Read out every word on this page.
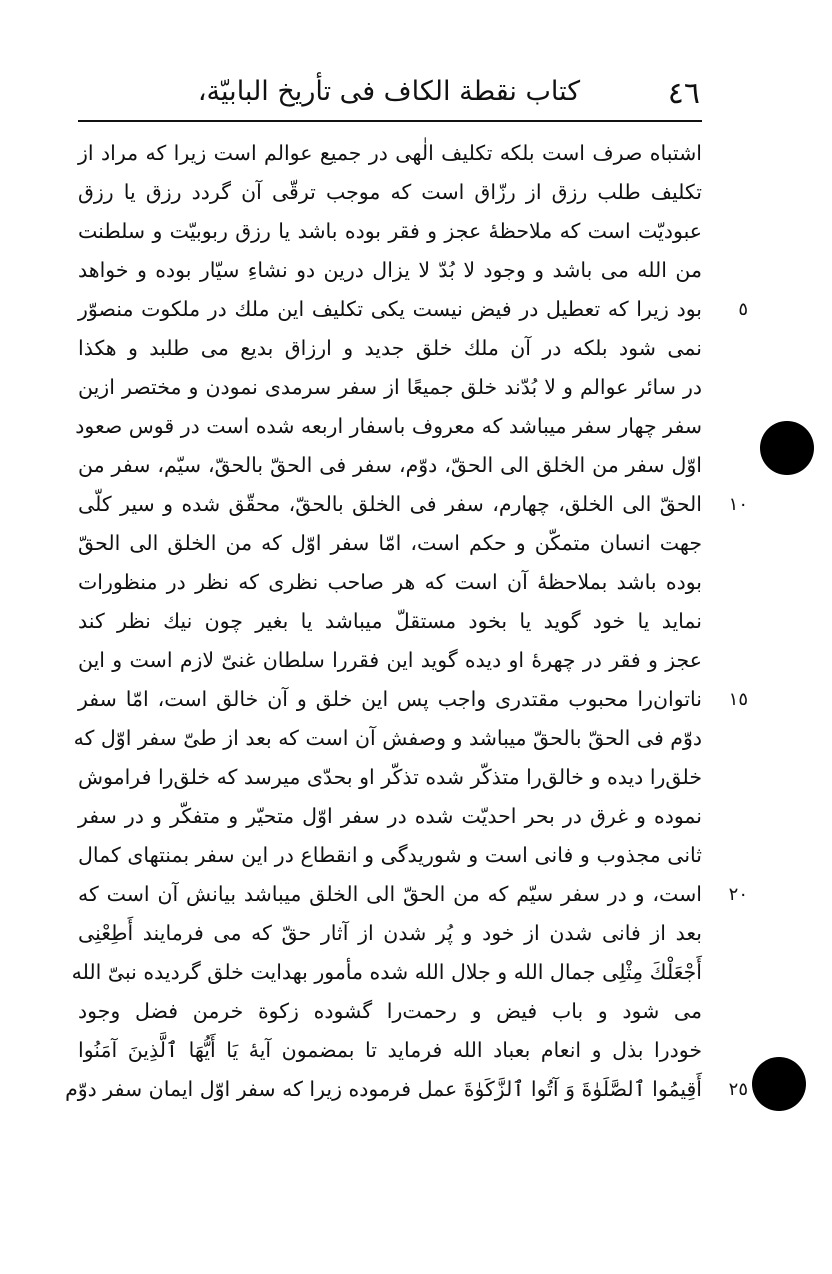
٤٦
كتاب نقطة الكاف فى تأريخ البابيّة،
اشتباه صرف است بلكه تكليف الٰهى در جميع عوالم است زيرا كه مراد از
تكليف طلب رزق از رزّاق است كه موجب ترقّى آن گردد رزق يا رزق
عبوديّت است كه ملاحظهٔ عجز و فقر بوده باشد يا رزق ربوبيّت و سلطنت
من الله مى باشد و وجود لا بُدّ لا يزال درين دو نشاءِ سيّار بوده و خواهد
بود زيرا كه تعطيل در فيض نيست يكى تكليف اين ملك در ملكوت منصوّر	٥
نمى شود بلكه در آن ملك خلق جديد و ارزاق بديع مى طلبد و هكذا
در سائر عوالم و لا بُدّند خلق جميعًا از سفر سرمدى نمودن و مختصر ازين
سفر چهار سفر ميباشد كه معروف باسفار اربعه شده است در قوس صعود
اوّل سفر من الخلق الى الحقّ، دوّم، سفر فى الحقّ بالحقّ، سيّم، سفر من
الحقّ الى الخلق، چهارم، سفر فى الخلق بالحقّ، محقّق شده و سير كلّى	١٠
جهت انسان متمكّن و حكم است، امّا سفر اوّل كه من الخلق الى الحقّ
بوده باشد بملاحظهٔ آن است كه هر صاحب نظرى كه نظر در منظورات
نمايد يا خود گويد يا بخود مستقلّ ميباشد يا بغير چون نيك نظر كند
عجز و فقر در چهرهٔ او ديده گويد اين فقررا سلطان غنىّ لازم است و اين
ناتوان‌را محبوب مقتدرى واجب پس اين خلق و آن خالق است، امّا سفر	١٥
دوّم فى الحقّ بالحقّ ميباشد و وصفش آن است كه بعد از طىّ سفر اوّل كه
خلق‌را ديده و خالق‌را متذكّر شده تذكّر او بحدّى ميرسد كه خلق‌را فراموش
نموده و غرق در بحر احديّت شده در سفر اوّل متحيّر و متفكّر و در سفر
ثانى مجذوب و فانى است و شوريدگى و انقطاع در اين سفر بمنتهاى كمال
است، و در سفر سيّم كه من الحقّ الى الخلق ميباشد بيانش آن است كه	٢٠
بعد از فانى شدن از خود و پُر شدن از آثار حقّ كه مى فرمايند أَطِعْنِى
أَجْعَلْكَ مِثْلِى جمال الله و جلال الله شده مأمور بهدايت خلق گرديده نبىّ الله
مى شود و باب فيض و رحمت‌را گشوده زكوة خرمن فضل وجود
خودرا بذل و انعام بعباد الله فرمايد تا بمضمون آيهٔ يَا أَيُّهَا ٱلَّذِينَ آمَنُوا
أَقِيمُوا ٱلصَّلَوٰةَ وَ آتُوا ٱلزَّكَوٰةَ عمل فرموده زيرا كه سفر اوّل ايمان سفر دوّم	٢٥
